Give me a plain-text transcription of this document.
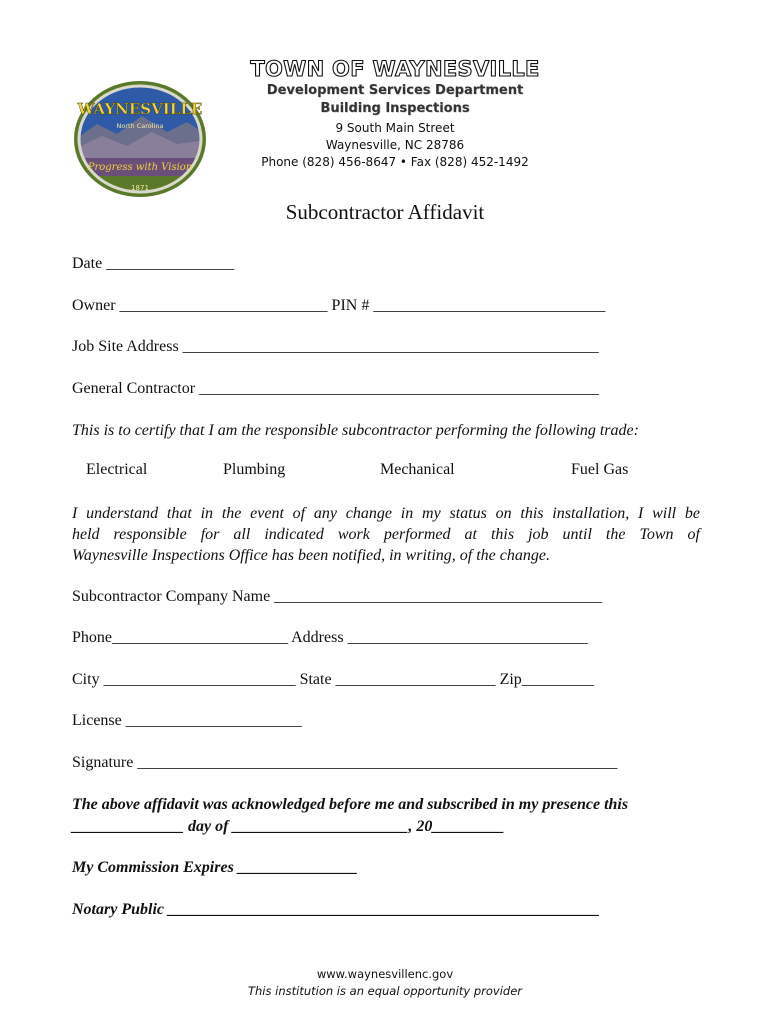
WAYNESVILLE
North Carolina
Progress with Vision
1871
TOWN OF WAYNESVILLE
Development Services Department
Building Inspections
9 South Main Street
Waynesville, NC 28786
Phone (828) 456-8647 • Fax (828) 452-1492
Subcontractor Affidavit
Date ________________
Owner __________________________ PIN # _____________________________
Job Site Address ____________________________________________________
General Contractor __________________________________________________
This is to certify that I am the responsible subcontractor performing the following trade:
Electrical	Plumbing	Mechanical	Fuel Gas
I understand that in the event of any change in my status on this installation, I will be
held responsible for all indicated work performed at this job until the Town of
Waynesville Inspections Office has been notified, in writing, of the change.
Subcontractor Company Name _________________________________________
Phone______________________ Address ______________________________
City ________________________ State ____________________ Zip_________
License ______________________
Signature ____________________________________________________________
The above affidavit was acknowledged before me and subscribed in my presence this
______________ day of ______________________, 20_________
My Commission Expires _______________
Notary Public ______________________________________________________
www.waynesvillenc.gov
This institution is an equal opportunity provider
